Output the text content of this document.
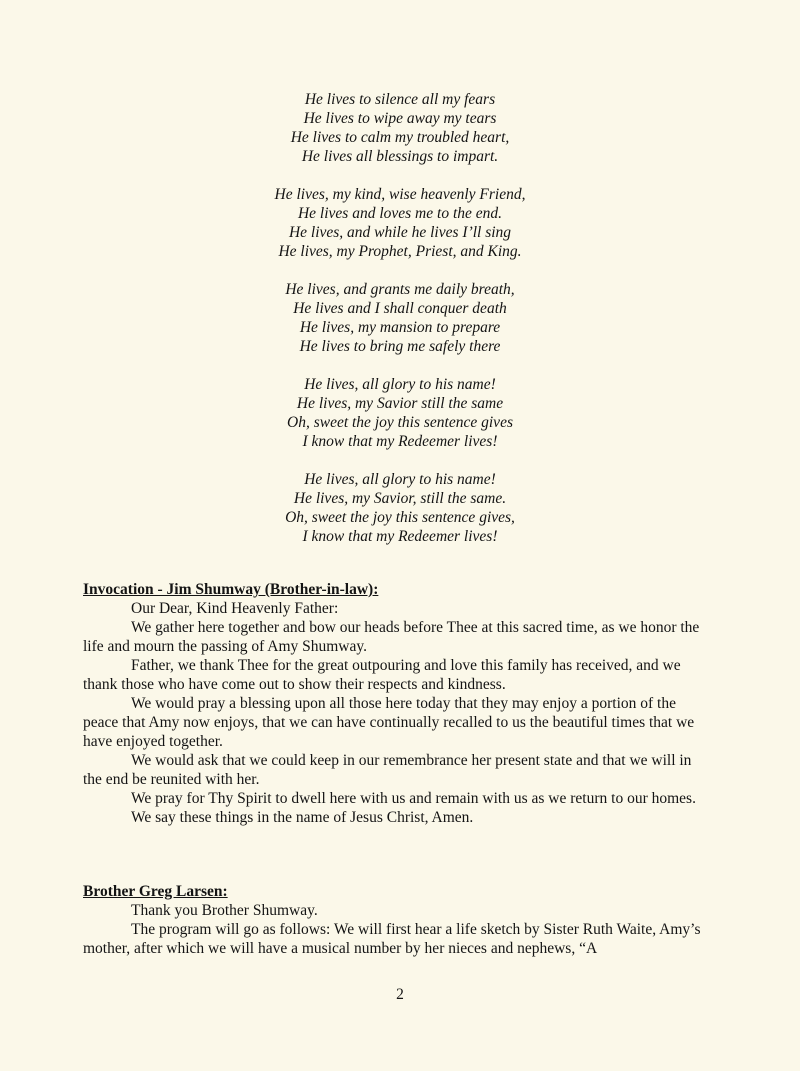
He lives to silence all my fears
He lives to wipe away my tears
He lives to calm my troubled heart,
He lives all blessings to impart.
He lives, my kind, wise heavenly Friend,
He lives and loves me to the end.
He lives, and while he lives I’ll sing
He lives, my Prophet, Priest, and King.
He lives, and grants me daily breath,
He lives and I shall conquer death
He lives, my mansion to prepare
He lives to bring me safely there
He lives, all glory to his name!
He lives, my Savior still the same
Oh, sweet the joy this sentence gives
I know that my Redeemer lives!
He lives, all glory to his name!
He lives, my Savior, still the same.
Oh, sweet the joy this sentence gives,
I know that my Redeemer lives!
Invocation - Jim Shumway (Brother-in-law):

Our Dear, Kind Heavenly Father:

We gather here together and bow our heads before Thee at this sacred time, as we honor the life and mourn the passing of Amy Shumway.

Father, we thank Thee for the great outpouring and love this family has received, and we thank those who have come out to show their respects and kindness.

We would pray a blessing upon all those here today that they may enjoy a portion of the peace that Amy now enjoys, that we can have continually recalled to us the beautiful times that we have enjoyed together.

We would ask that we could keep in our remembrance her present state and that we will in the end be reunited with her.

We pray for Thy Spirit to dwell here with us and remain with us as we return to our homes.

We say these things in the name of Jesus Christ, Amen.

Brother Greg Larsen:

Thank you Brother Shumway.

The program will go as follows: We will first hear a life sketch by Sister Ruth Waite, Amy’s mother, after which we will have a musical number by her nieces and nephews, “A

2
